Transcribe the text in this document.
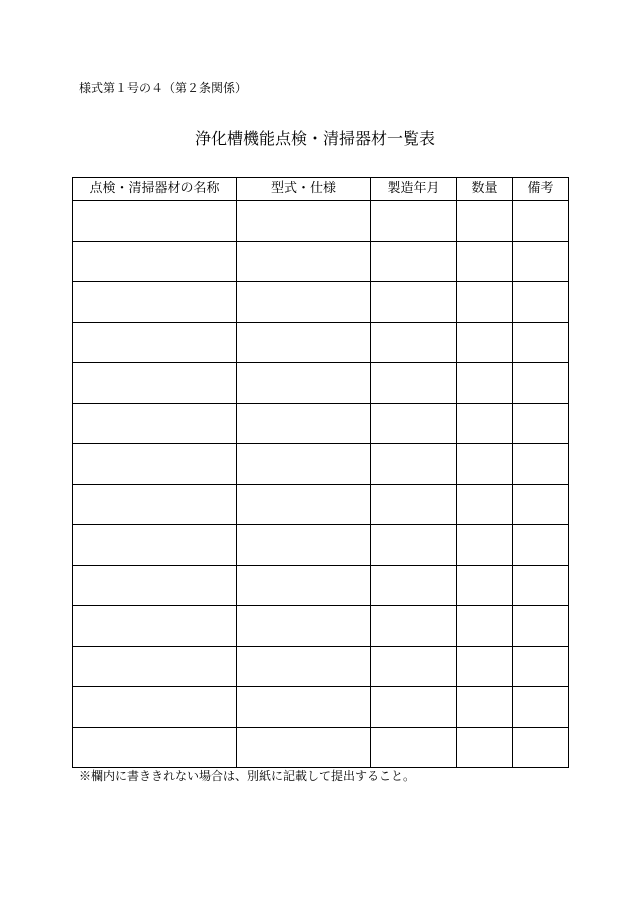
様式第１号の４（第２条関係）
浄化槽機能点検・清掃器材一覧表
点検・清掃器材の名称	型式・仕様	製造年月	数量	備考

※欄内に書ききれない場合は、別紙に記載して提出すること。
